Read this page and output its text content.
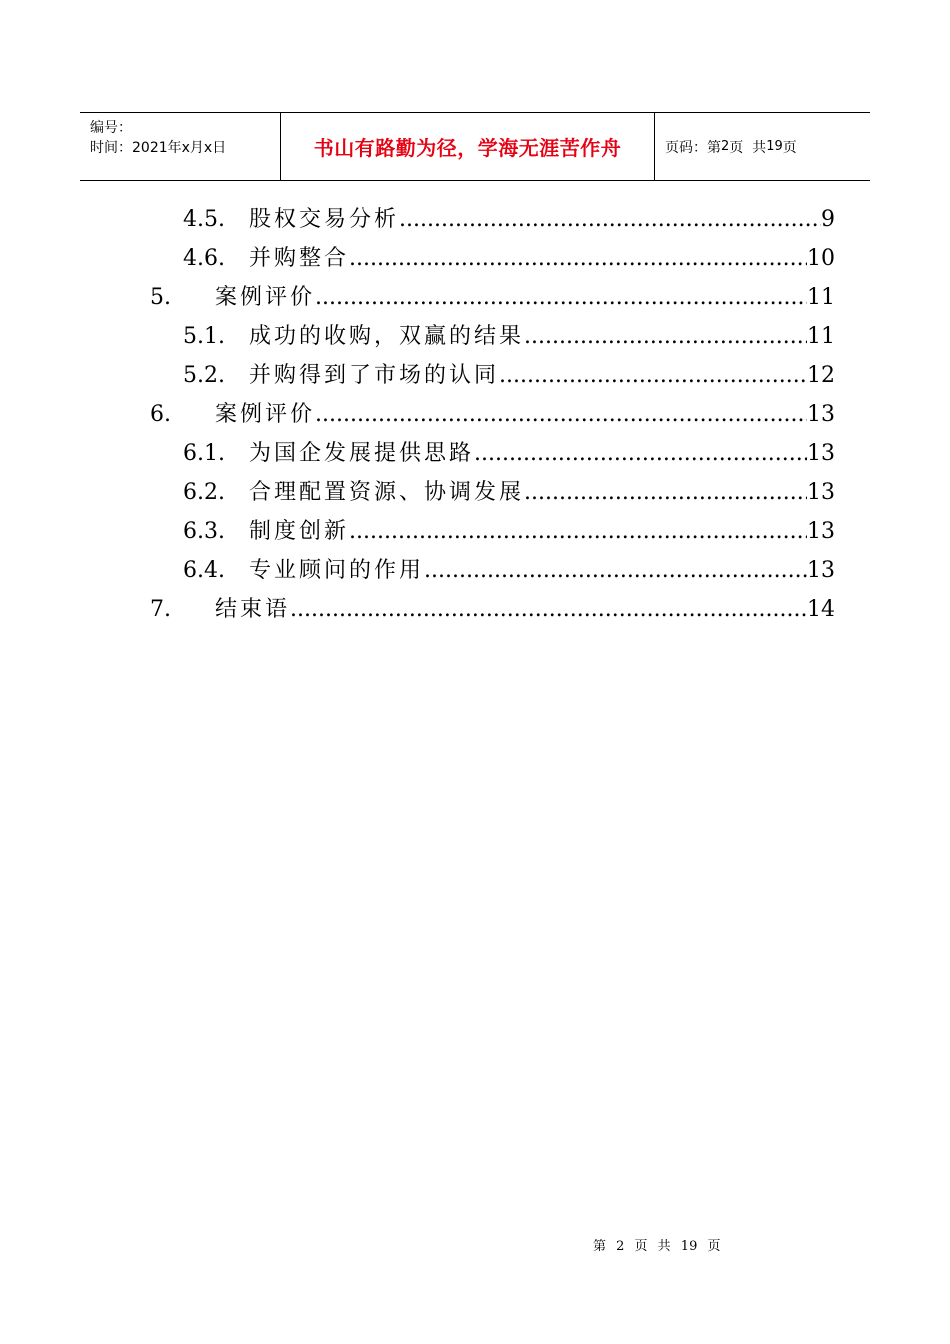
编号：
时间：2021年x月x日	书山有路勤为径，学海无涯苦作舟	页码：第 2 页  共 19 页
4.5. 股权交易分析 .....	9
4.6. 并购整合 .....	10
5. 案例评价 .....	11
5.1. 成功的收购，双赢的结果 .....	11
5.2. 并购得到了市场的认同 .....	12
6. 案例评价 .....	13
6.1. 为国企发展提供思路 .....	13
6.2. 合理配置资源、协调发展 .....	13
6.3. 制度创新 .....	13
6.4. 专业顾问的作用 .....	13
7. 结束语 .....	14
第 2 页 共 19 页
